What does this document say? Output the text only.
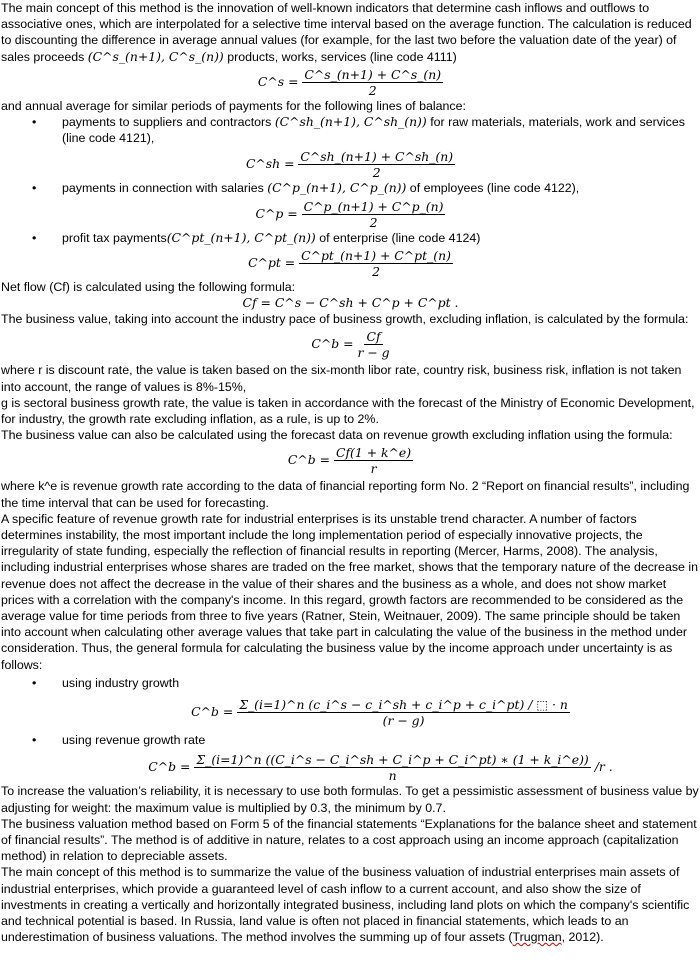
The main concept of this method is the innovation of well-known indicators that determine cash inflows and outflows to associative ones, which are interpolated for a selective time interval based on the average function. The calculation is reduced to discounting the difference in average annual values (for example, for the last two before the valuation date of the year) of sales proceeds (C^s_(n+1), C^s_(n)) products, works, services (line code 4111)

C^s = $\frac{C\^{}s\_(n+1) + C\^{}s\_(n)}{2}$

and annual average for similar periods of payments for the following lines of balance:

• payments to suppliers and contractors (C^sh_(n+1), C^sh_(n)) for raw materials, materials, work and services (line code 4121),
C^sh = $\frac{C\^{}sh\_(n+1) + C\^{}sh\_(n)}{2}$
• payments in connection with salaries (C^p_(n+1), C^p_(n)) of employees (line code 4122),
C^p = $\frac{C\^{}p\_(n+1) + C\^{}p\_(n)}{2}$
• profit tax payments(C^pt_(n+1), C^pt_(n)) of enterprise (line code 4124)
C^pt = $\frac{C\^{}pt\_(n+1) + C\^{}pt\_(n)}{2}$

Net flow (Cf) is calculated using the following formula:

Cf = C^s − C^sh + C^p + C^pt .

The business value, taking into account the industry pace of business growth, excluding inflation, is calculated by the formula:

C^b = $\frac{Cf}{r - g}$

where r is discount rate, the value is taken based on the six-month libor rate, country risk, business risk, inflation is not taken into account, the range of values is 8%-15%,

g is sectoral business growth rate, the value is taken in accordance with the forecast of the Ministry of Economic Development, for industry, the growth rate excluding inflation, as a rule, is up to 2%.

The business value can also be calculated using the forecast data on revenue growth excluding inflation using the formula:

C^b = $\frac{Cf(1 + k\^{}e)}{r}$

where k^e is revenue growth rate according to the data of financial reporting form No. 2 “Report on financial results”, including the time interval that can be used for forecasting.

A specific feature of revenue growth rate for industrial enterprises is its unstable trend character. A number of factors determines instability, the most important include the long implementation period of especially innovative projects, the irregularity of state funding, especially the reflection of financial results in reporting (Mercer, Harms, 2008). The analysis, including industrial enterprises whose shares are traded on the free market, shows that the temporary nature of the decrease in revenue does not affect the decrease in the value of their shares and the business as a whole, and does not show market prices with a correlation with the company's income. In this regard, growth factors are recommended to be considered as the average value for time periods from three to five years (Ratner, Stein, Weitnauer, 2009). The same principle should be taken into account when calculating other average values that take part in calculating the value of the business in the method under consideration. Thus, the general formula for calculating the business value by the income approach under uncertainty is as follows:

• using industry growth
C^b = $\frac{\Sigma\_(i=1)\^{}n (c\_i\^{}s - c\_i\^{}sh + c\_i\^{}p + c\_i\^{}pt) / ⬚ \cdot n}{(r - g)}$
• using revenue growth rate
C^b = $\frac{\Sigma\_(i=1)\^{}n ((C\_i\^{}s - C\_i\^{}sh + C\_i\^{}p + C\_i\^{}pt) ∗ (1 + k\_i\^{}e))}{n} /r$ .

To increase the valuation’s reliability, it is necessary to use both formulas. To get a pessimistic assessment of business value by adjusting for weight: the maximum value is multiplied by 0.3, the minimum by 0.7.

The business valuation method based on Form 5 of the financial statements “Explanations for the balance sheet and statement of financial results”. The method is of additive in nature, relates to a cost approach using an income approach (capitalization method) in relation to depreciable assets.

The main concept of this method is to summarize the value of the business valuation of industrial enterprises main assets of industrial enterprises, which provide a guaranteed level of cash inflow to a current account, and also show the size of investments in creating a vertically and horizontally integrated business, including land plots on which the company's scientific and technical potential is based. In Russia, land value is often not placed in financial statements, which leads to an underestimation of business valuations. The method involves the summing up of four assets (Trugman, 2012).
